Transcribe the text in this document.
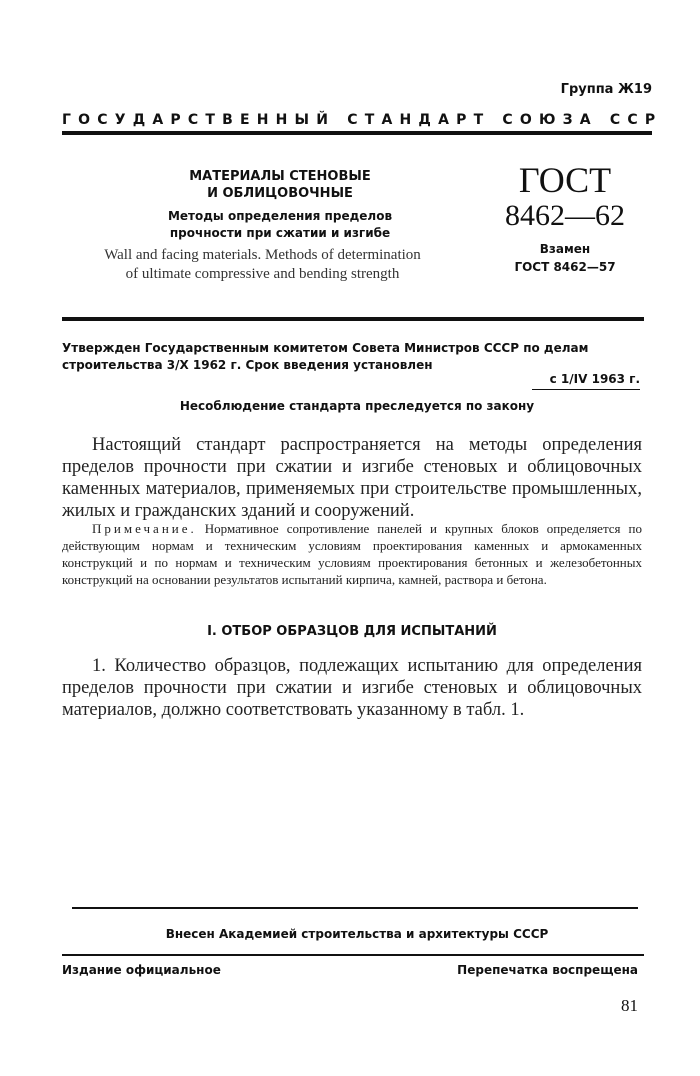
Группа Ж19
ГОСУДАРСТВЕННЫЙ СТАНДАРТ СОЮЗА ССР
МАТЕРИАЛЫ СТЕНОВЫЕ
И ОБЛИЦОВОЧНЫЕ
Методы определения пределов
прочности при сжатии и изгибе
Wall and facing materials. Methods of determination
of ultimate compressive and bending strength
ГОСТ
8462—62
Взамен
ГОСТ 8462—57
Утвержден Государственным комитетом Совета Министров СССР по делам строительства 3/X 1962 г. Срок введения установлен
с 1/IV 1963 г.
Несоблюдение стандарта преследуется по закону
Настоящий стандарт распространяется на методы определения пределов прочности при сжатии и изгибе стеновых и облицовочных каменных материалов, применяемых при строительстве промышленных, жилых и гражданских зданий и сооружений.
Примечание. Нормативное сопротивление панелей и крупных блоков определяется по действующим нормам и техническим условиям проектирования каменных и армокаменных конструкций и по нормам и техническим условиям проектирования бетонных и железобетонных конструкций на основании результатов испытаний кирпича, камней, раствора и бетона.
I. ОТБОР ОБРАЗЦОВ ДЛЯ ИСПЫТАНИЙ
1. Количество образцов, подлежащих испытанию для определения пределов прочности при сжатии и изгибе стеновых и облицовочных материалов, должно соответствовать указанному в табл. 1.
Внесен Академией строительства и архитектуры СССР
Издание официальное	Перепечатка воспрещена
81
